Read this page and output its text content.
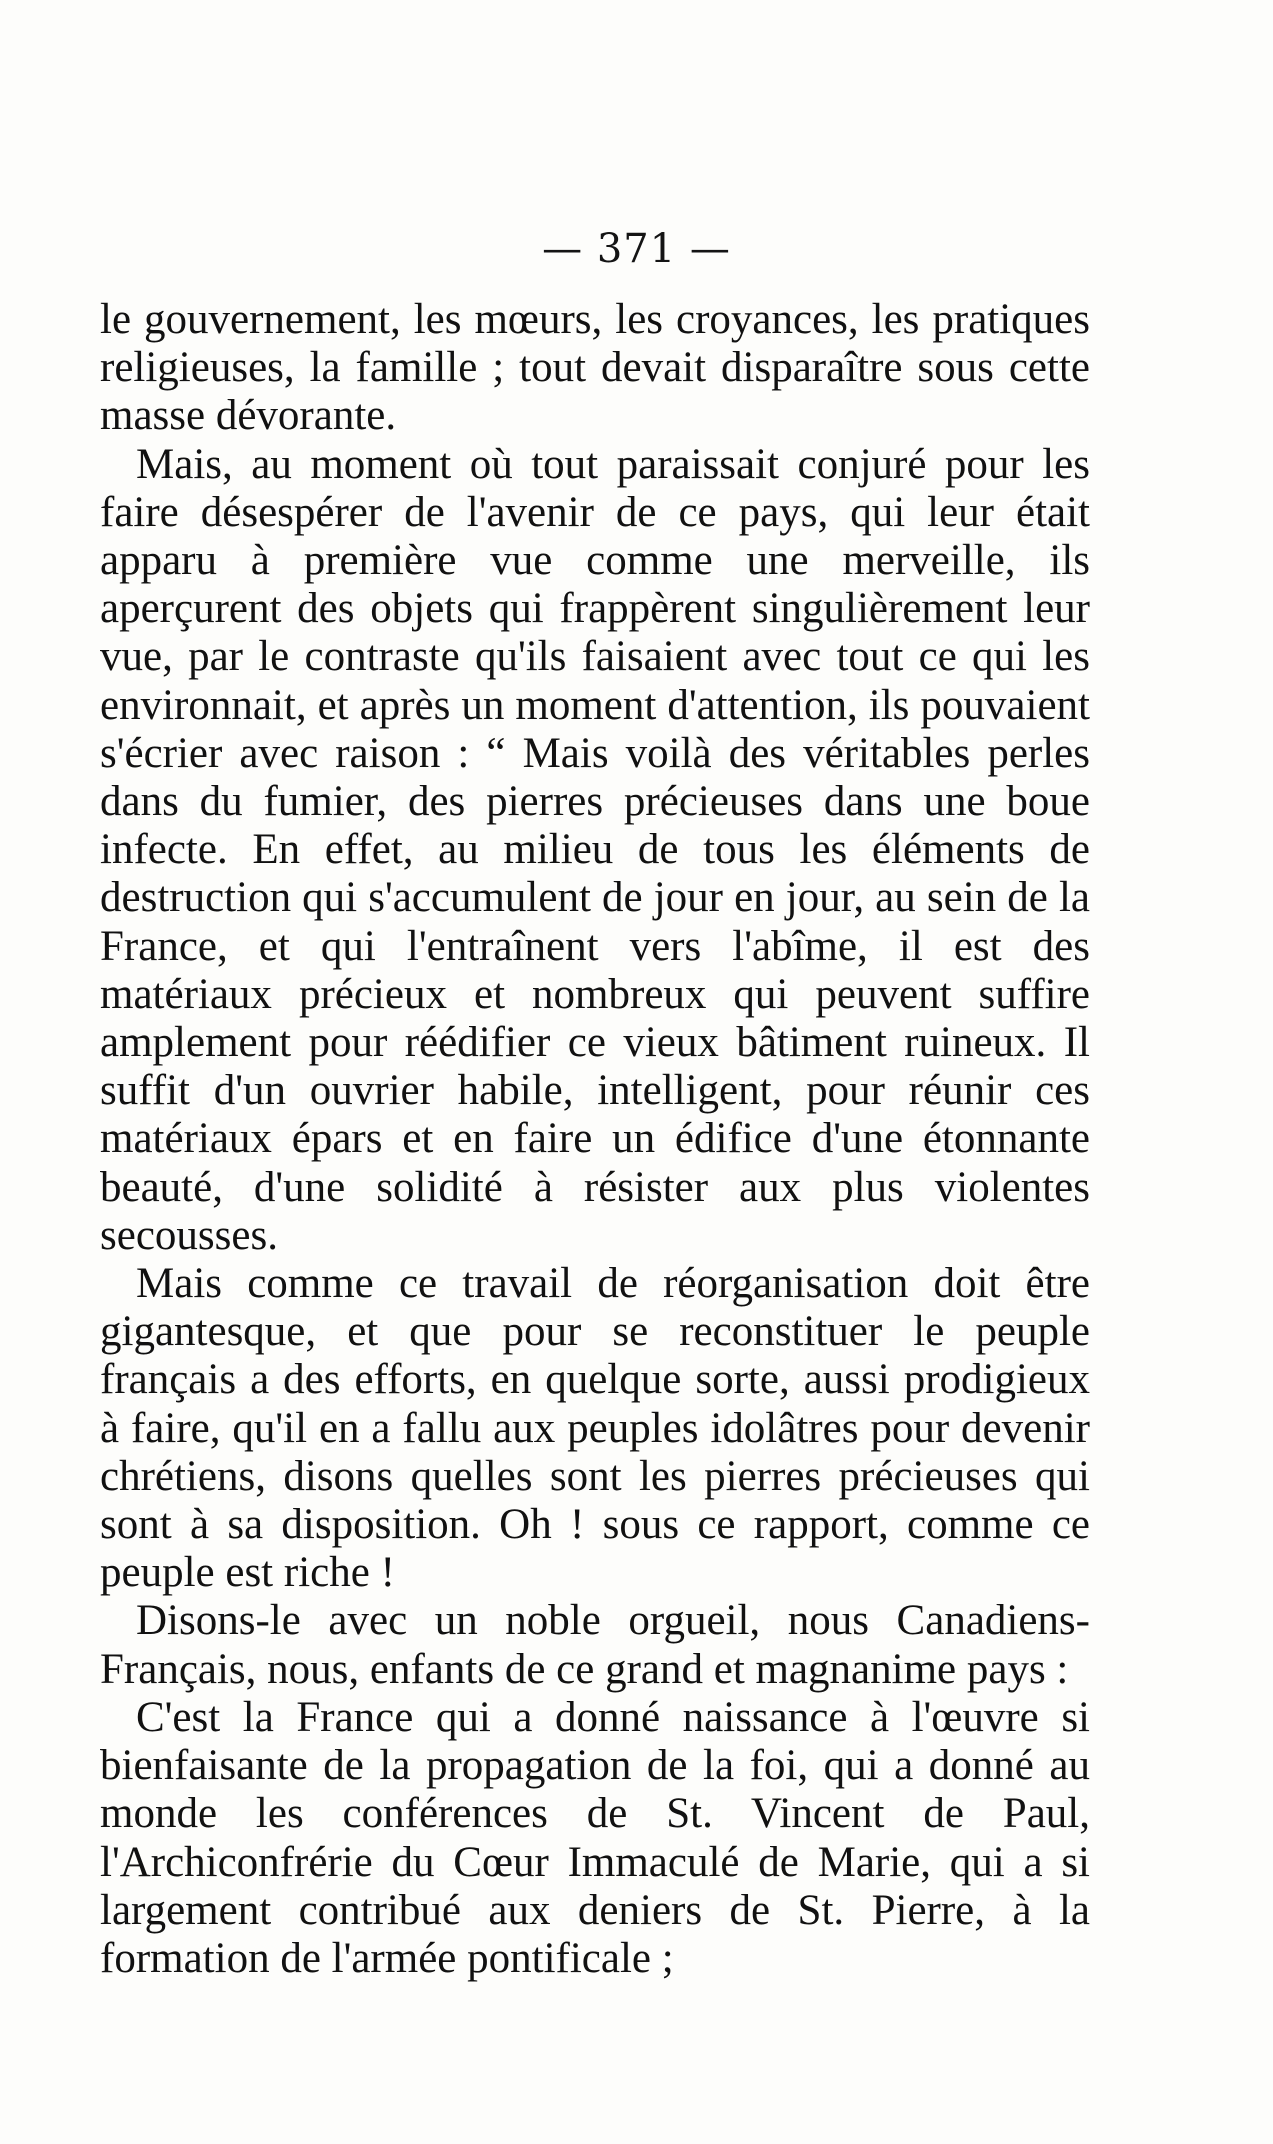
— 371 —

le gouvernement, les mœurs, les croyances, les pratiques religieuses, la famille ; tout devait disparaître sous cette masse dévorante.

Mais, au moment où tout paraissait conjuré pour les faire désespérer de l'avenir de ce pays, qui leur était apparu à première vue comme une merveille, ils aperçurent des objets qui frappèrent singulièrement leur vue, par le contraste qu'ils faisaient avec tout ce qui les environnait, et après un moment d'attention, ils pouvaient s'écrier avec raison : “ Mais voilà des véritables perles dans du fumier, des pierres précieuses dans une boue infecte. En effet, au milieu de tous les éléments de destruction qui s'accumulent de jour en jour, au sein de la France, et qui l'entraînent vers l'abîme, il est des matériaux précieux et nombreux qui peuvent suffire amplement pour réédifier ce vieux bâtiment ruineux. Il suffit d'un ouvrier habile, intelligent, pour réunir ces matériaux épars et en faire un édifice d'une étonnante beauté, d'une solidité à résister aux plus violentes secousses.

Mais comme ce travail de réorganisation doit être gigantesque, et que pour se reconstituer le peuple français a des efforts, en quelque sorte, aussi prodigieux à faire, qu'il en a fallu aux peuples idolâtres pour devenir chrétiens, disons quelles sont les pierres précieuses qui sont à sa disposition. Oh ! sous ce rapport, comme ce peuple est riche !

Disons-le avec un noble orgueil, nous Canadiens-Français, nous, enfants de ce grand et magnanime pays :

C'est la France qui a donné naissance à l'œuvre si bienfaisante de la propagation de la foi, qui a donné au monde les conférences de St. Vincent de Paul, l'Archiconfrérie du Cœur Immaculé de Marie, qui a si largement contribué aux deniers de St. Pierre, à la formation de l'armée pontificale ;
